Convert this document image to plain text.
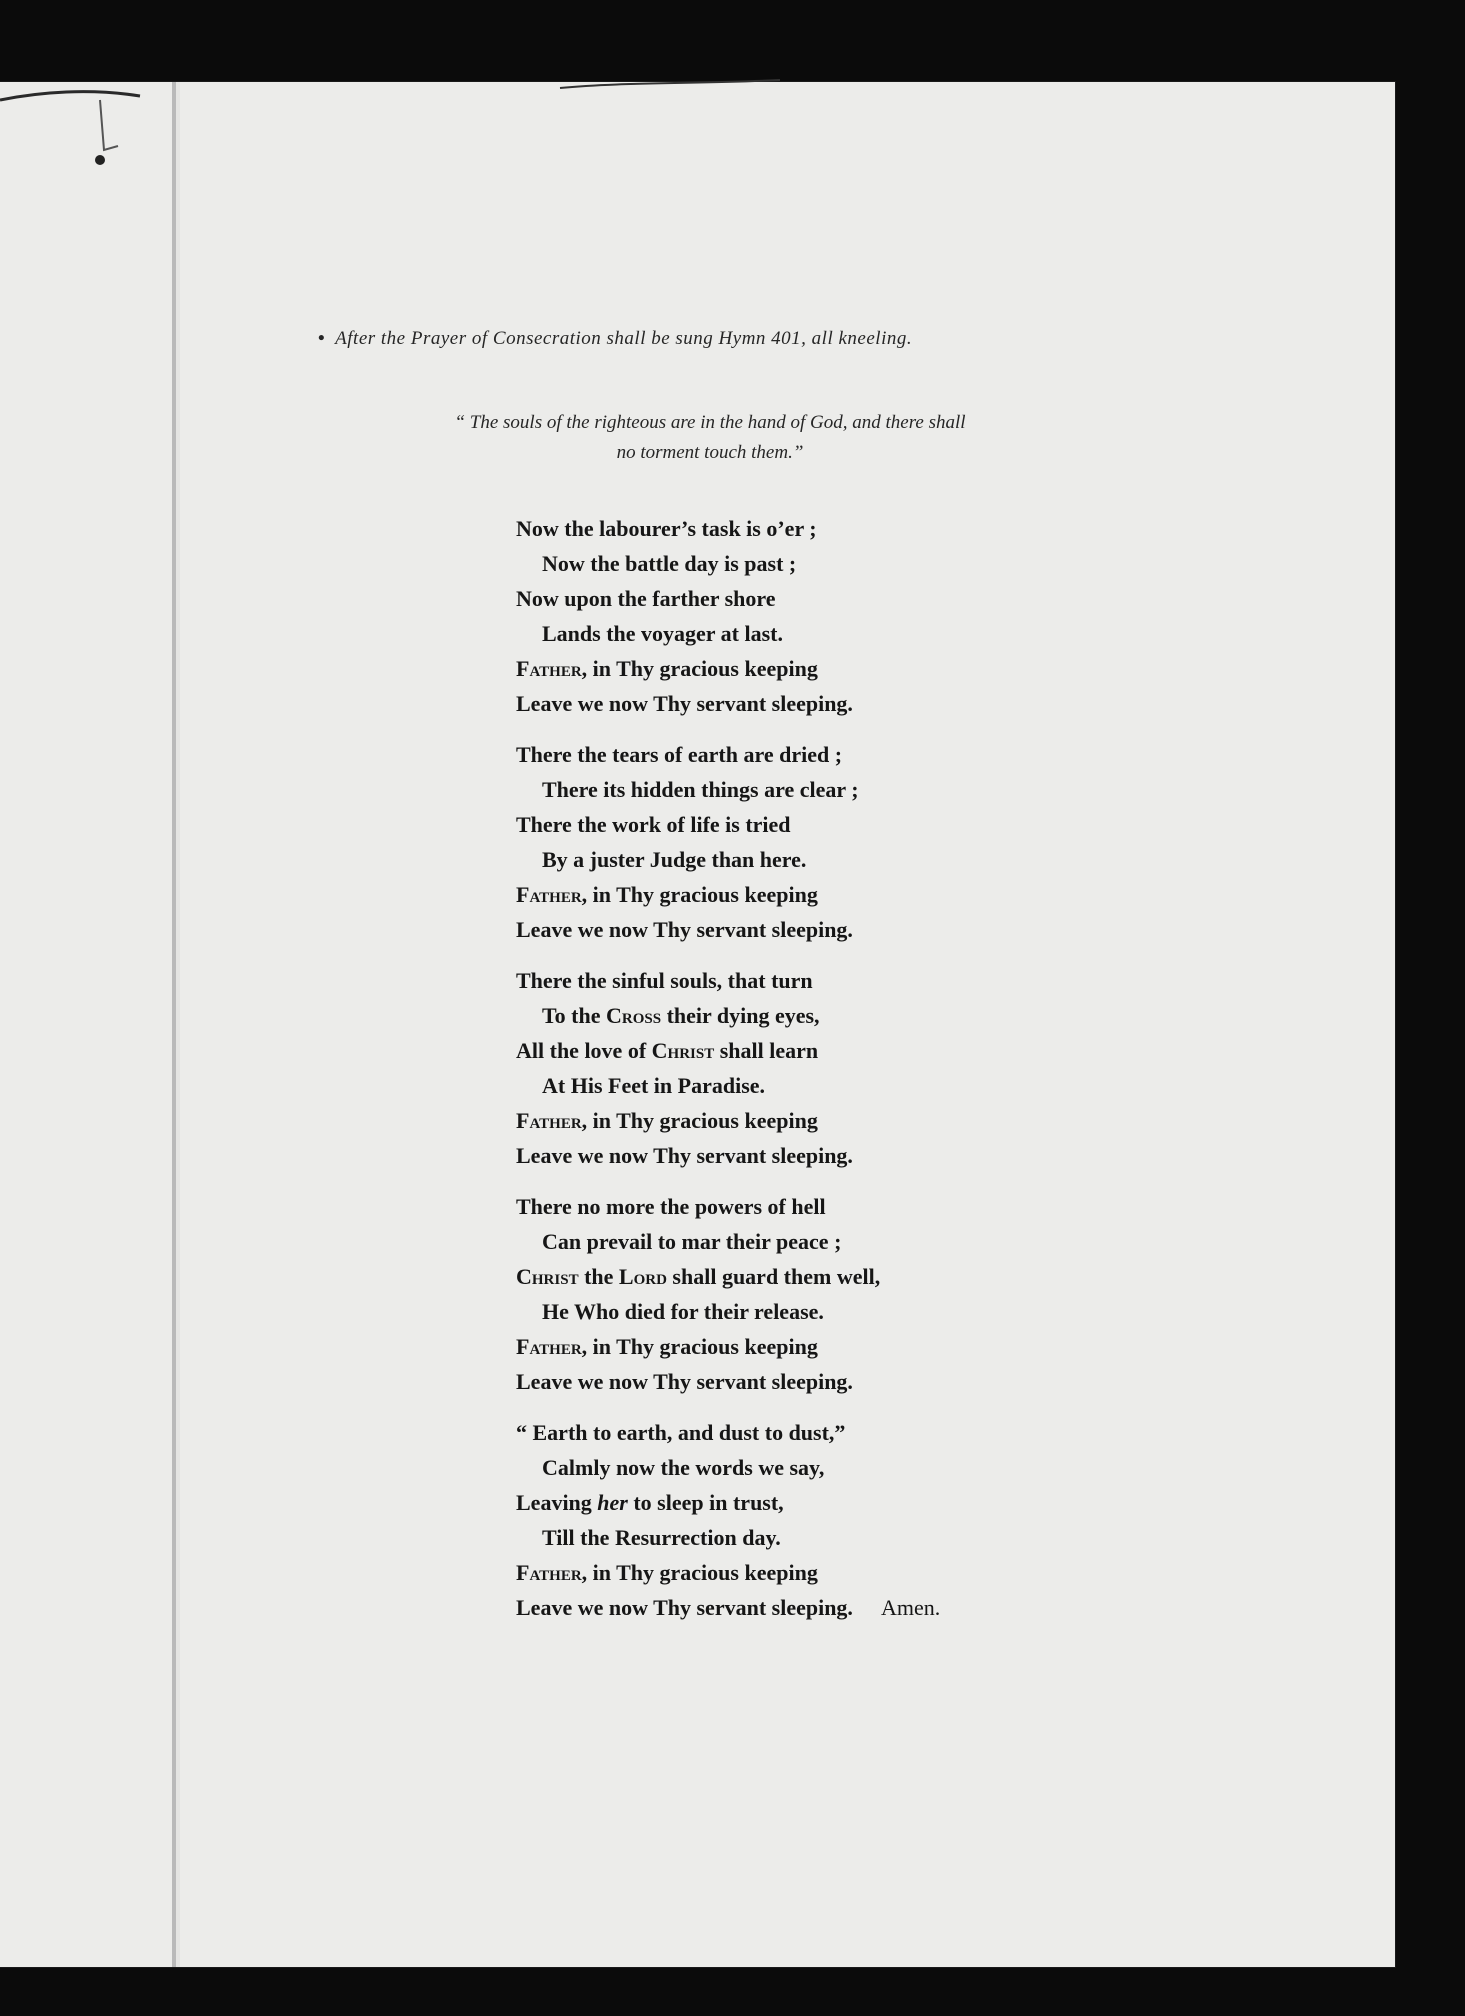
• After the Prayer of Consecration shall be sung Hymn 401, all kneeling.
“ The souls of the righteous are in the hand of God, and there shall
no torment touch them.”
Now the labourer’s task is o’er ;
Now the battle day is past ;
Now upon the farther shore
Lands the voyager at last.
Father, in Thy gracious keeping
Leave we now Thy servant sleeping.
There the tears of earth are dried ;
There its hidden things are clear ;
There the work of life is tried
By a juster Judge than here.
Father, in Thy gracious keeping
Leave we now Thy servant sleeping.
There the sinful souls, that turn
To the Cross their dying eyes,
All the love of Christ shall learn
At His Feet in Paradise.
Father, in Thy gracious keeping
Leave we now Thy servant sleeping.
There no more the powers of hell
Can prevail to mar their peace ;
Christ the Lord shall guard them well,
He Who died for their release.
Father, in Thy gracious keeping
Leave we now Thy servant sleeping.
“ Earth to earth, and dust to dust,”
Calmly now the words we say,
Leaving her to sleep in trust,
Till the Resurrection day.
Father, in Thy gracious keeping
Leave we now Thy servant sleeping. Amen.
